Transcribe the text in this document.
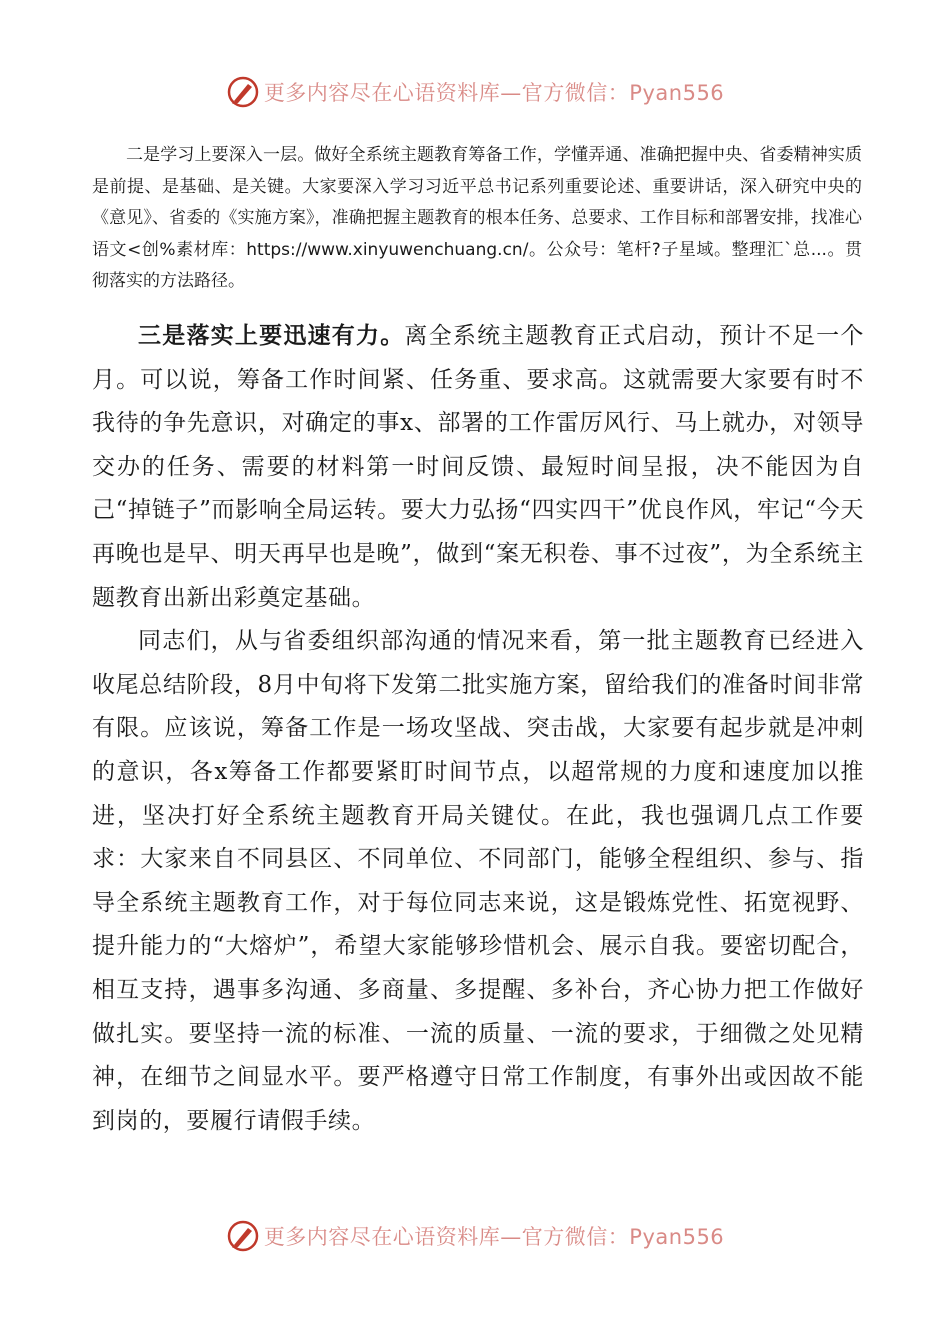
更多内容尽在心语资料库—官方微信：Pyan556

二是学习上要深入一层。做好全系统主题教育筹备工作，学懂弄通、准确把握中央、省委精神实质是前提、是基础、是关键。大家要深入学习习近平总书记系列重要论述、重要讲话，深入研究中央的《意见》、省委的《实施方案》，准确把握主题教育的根本任务、总要求、工作目标和部署安排，找准心语文<创%素材库：https://www.xinyuwenchuang.cn/。公众号：笔杆?子星域。整理汇`总...。贯彻落实的方法路径。

三是落实上要迅速有力。离全系统主题教育正式启动，预计不足一个月。可以说，筹备工作时间紧、任务重、要求高。这就需要大家要有时不我待的争先意识，对确定的事x、部署的工作雷厉风行、马上就办，对领导交办的任务、需要的材料第一时间反馈、最短时间呈报，决不能因为自己“掉链子”而影响全局运转。要大力弘扬“四实四干”优良作风，牢记“今天再晚也是早、明天再早也是晚”，做到“案无积卷、事不过夜”，为全系统主题教育出新出彩奠定基础。

同志们，从与省委组织部沟通的情况来看，第一批主题教育已经进入收尾总结阶段，8月中旬将下发第二批实施方案，留给我们的准备时间非常有限。应该说，筹备工作是一场攻坚战、突击战，大家要有起步就是冲刺的意识，各x筹备工作都要紧盯时间节点，以超常规的力度和速度加以推进，坚决打好全系统主题教育开局关键仗。在此，我也强调几点工作要求：大家来自不同县区、不同单位、不同部门，能够全程组织、参与、指导全系统主题教育工作，对于每位同志来说，这是锻炼党性、拓宽视野、提升能力的“大熔炉”，希望大家能够珍惜机会、展示自我。要密切配合，相互支持，遇事多沟通、多商量、多提醒、多补台，齐心协力把工作做好做扎实。要坚持一流的标准、一流的质量、一流的要求，于细微之处见精神，在细节之间显水平。要严格遵守日常工作制度，有事外出或因故不能到岗的，要履行请假手续。

更多内容尽在心语资料库—官方微信：Pyan556
